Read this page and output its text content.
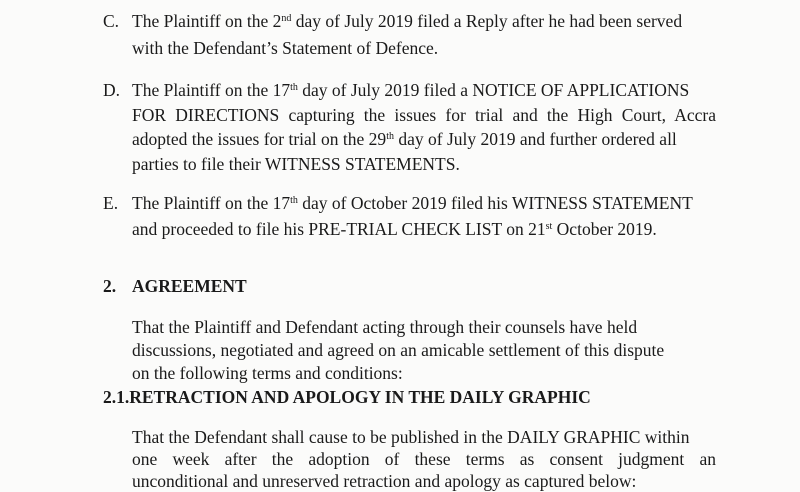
C. The Plaintiff on the 2nd day of July 2019 filed a Reply after he had been served
with the Defendant’s Statement of Defence.
D. The Plaintiff on the 17th day of July 2019 filed a NOTICE OF APPLICATIONS
FOR DIRECTIONS capturing the issues for trial and the High Court, Accra
adopted the issues for trial on the 29th day of July 2019 and further ordered all
parties to file their WITNESS STATEMENTS.
E. The Plaintiff on the 17th day of October 2019 filed his WITNESS STATEMENT
and proceeded to file his PRE-TRIAL CHECK LIST on 21st October 2019.
2. AGREEMENT
That the Plaintiff and Defendant acting through their counsels have held
discussions, negotiated and agreed on an amicable settlement of this dispute
on the following terms and conditions:
2.1.RETRACTION AND APOLOGY IN THE DAILY GRAPHIC
That the Defendant shall cause to be published in the DAILY GRAPHIC within
one week after the adoption of these terms as consent judgment an
unconditional and unreserved retraction and apology as captured below:
